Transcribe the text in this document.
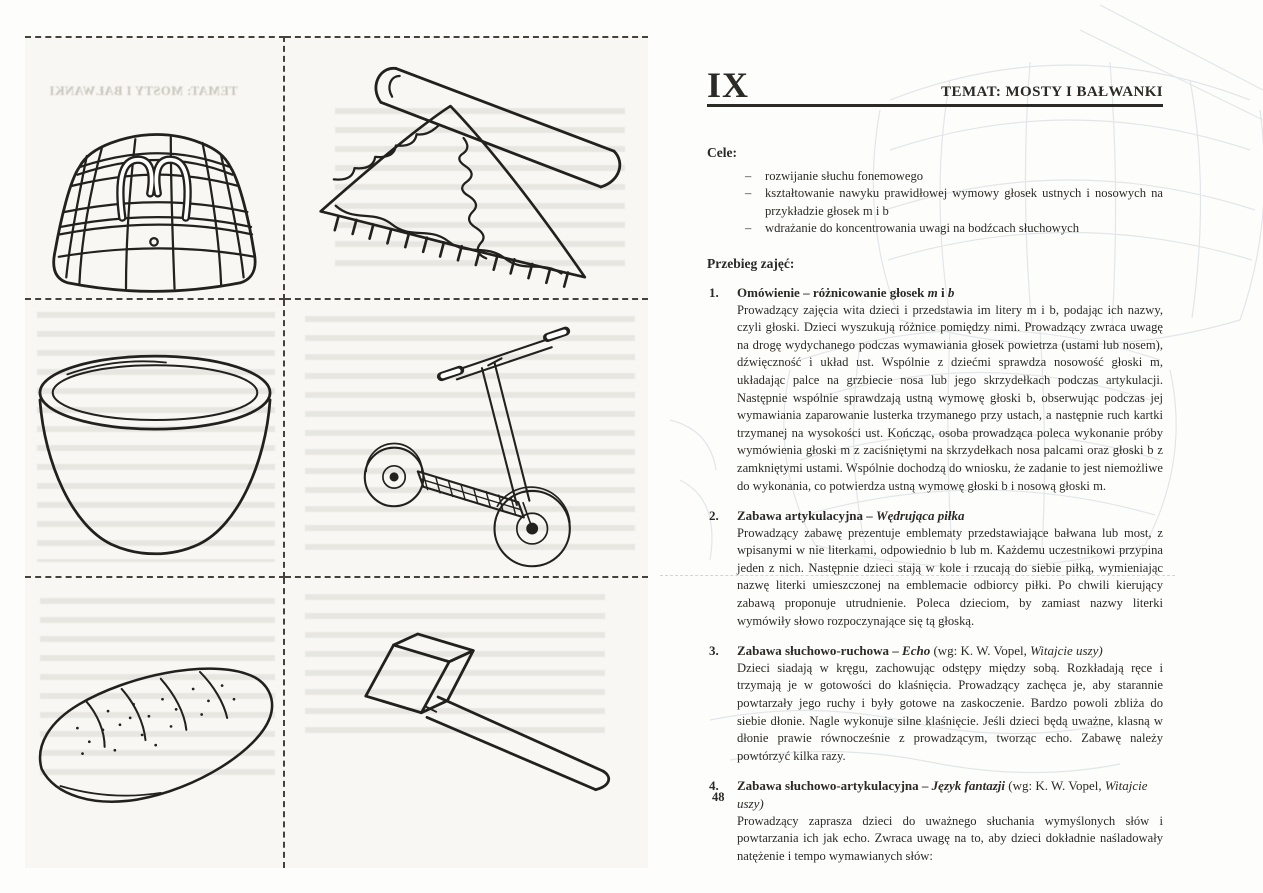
TEMAT: MOSTY I BAŁWANKI	IX	TEMAT: MOSTY I BAŁWANKI
Cele:
– rozwijanie słuchu fonemowego
– kształtowanie nawyku prawidłowej wymowy głosek ustnych i nosowych na przykładzie głosek m i b
– wdrażanie do koncentrowania uwagi na bodźcach słuchowych
Przebieg zajęć:
1. Omówienie – różnicowanie głosek m i b
Prowadzący zajęcia wita dzieci i przedstawia im litery m i b, podając ich nazwy, czyli głoski. Dzieci wyszukują różnice pomiędzy nimi. Prowadzący zwraca uwagę na drogę wydychanego podczas wymawiania głosek powietrza (ustami lub nosem), dźwięczność i układ ust. Wspólnie z dziećmi sprawdza nosowość głoski m, układając palce na grzbiecie nosa lub jego skrzydełkach podczas artykulacji. Następnie wspólnie sprawdzają ustną wymowę głoski b, obserwując podczas jej wymawiania zaparowanie lusterka trzymanego przy ustach, a następnie ruch kartki trzymanej na wysokości ust. Kończąc, osoba prowadząca poleca wykonanie próby wymówienia głoski m z zaciśniętymi na skrzydełkach nosa palcami oraz głoski b z zamkniętymi ustami. Wspólnie dochodzą do wniosku, że zadanie to jest niemożliwe do wykonania, co potwierdza ustną wymowę głoski b i nosową głoski m.
2. Zabawa artykulacyjna – Wędrująca piłka
Prowadzący zabawę prezentuje emblematy przedstawiające bałwana lub most, z wpisanymi w nie literkami, odpowiednio b lub m. Każdemu uczestnikowi przypina jeden z nich. Następnie dzieci stają w kole i rzucają do siebie piłką, wymieniając nazwę literki umieszczonej na emblemacie odbiorcy piłki. Po chwili kierujący zabawą proponuje utrudnienie. Poleca dzieciom, by zamiast nazwy literki wymówiły słowo rozpoczynające się tą głoską.
3. Zabawa słuchowo-ruchowa – Echo (wg: K. W. Vopel, Witajcie uszy)
Dzieci siadają w kręgu, zachowując odstępy między sobą. Rozkładają ręce i trzymają je w gotowości do klaśnięcia. Prowadzący zachęca je, aby starannie powtarzały jego ruchy i były gotowe na zaskoczenie. Bardzo powoli zbliża do siebie dłonie. Nagle wykonuje silne klaśnięcie. Jeśli dzieci będą uważne, klasną w dłonie prawie równocześnie z prowadzącym, tworząc echo. Zabawę należy powtórzyć kilka razy.
4. Zabawa słuchowo-artykulacyjna – Język fantazji (wg: K. W. Vopel, Witajcie uszy)
Prowadzący zaprasza dzieci do uważnego słuchania wymyślonych słów i powtarzania ich jak echo. Zwraca uwagę na to, aby dzieci dokładnie naśladowały natężenie i tempo wymawianych słów:
48
